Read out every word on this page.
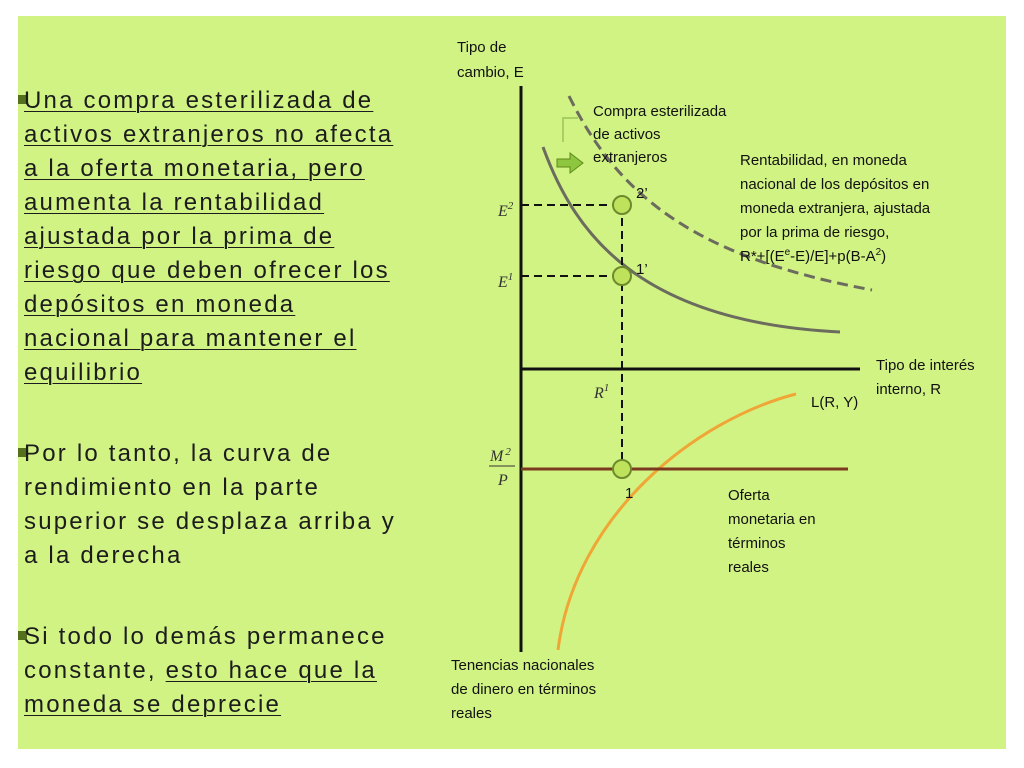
Una compra esterilizada de
activos extranjeros no afecta
a la oferta monetaria, pero
aumenta la rentabilidad
ajustada por la prima de
riesgo que deben ofrecer los
depósitos en moneda
nacional para mantener el
equilibrio

Por lo tanto, la curva de
rendimiento en la parte
superior se desplaza arriba y
a la derecha

Si todo lo demás permanece
constante, esto hace que la
moneda se deprecie

Tipo de cambio, E
Compra esterilizada de activos extranjeros	Rentabilidad, en moneda nacional de los depósitos en moneda extranjera, ajustada por la prima de riesgo,
$R*+[(E^e-E)/E]+p(B-A^2)$
Tipo de interés interno, R
L(R, Y)
Oferta monetaria en términos reales
Tenencias nacionales de dinero en términos reales
$E^2$
$E^1$
$R^1$
M $^2$
P
2’
1’
1
